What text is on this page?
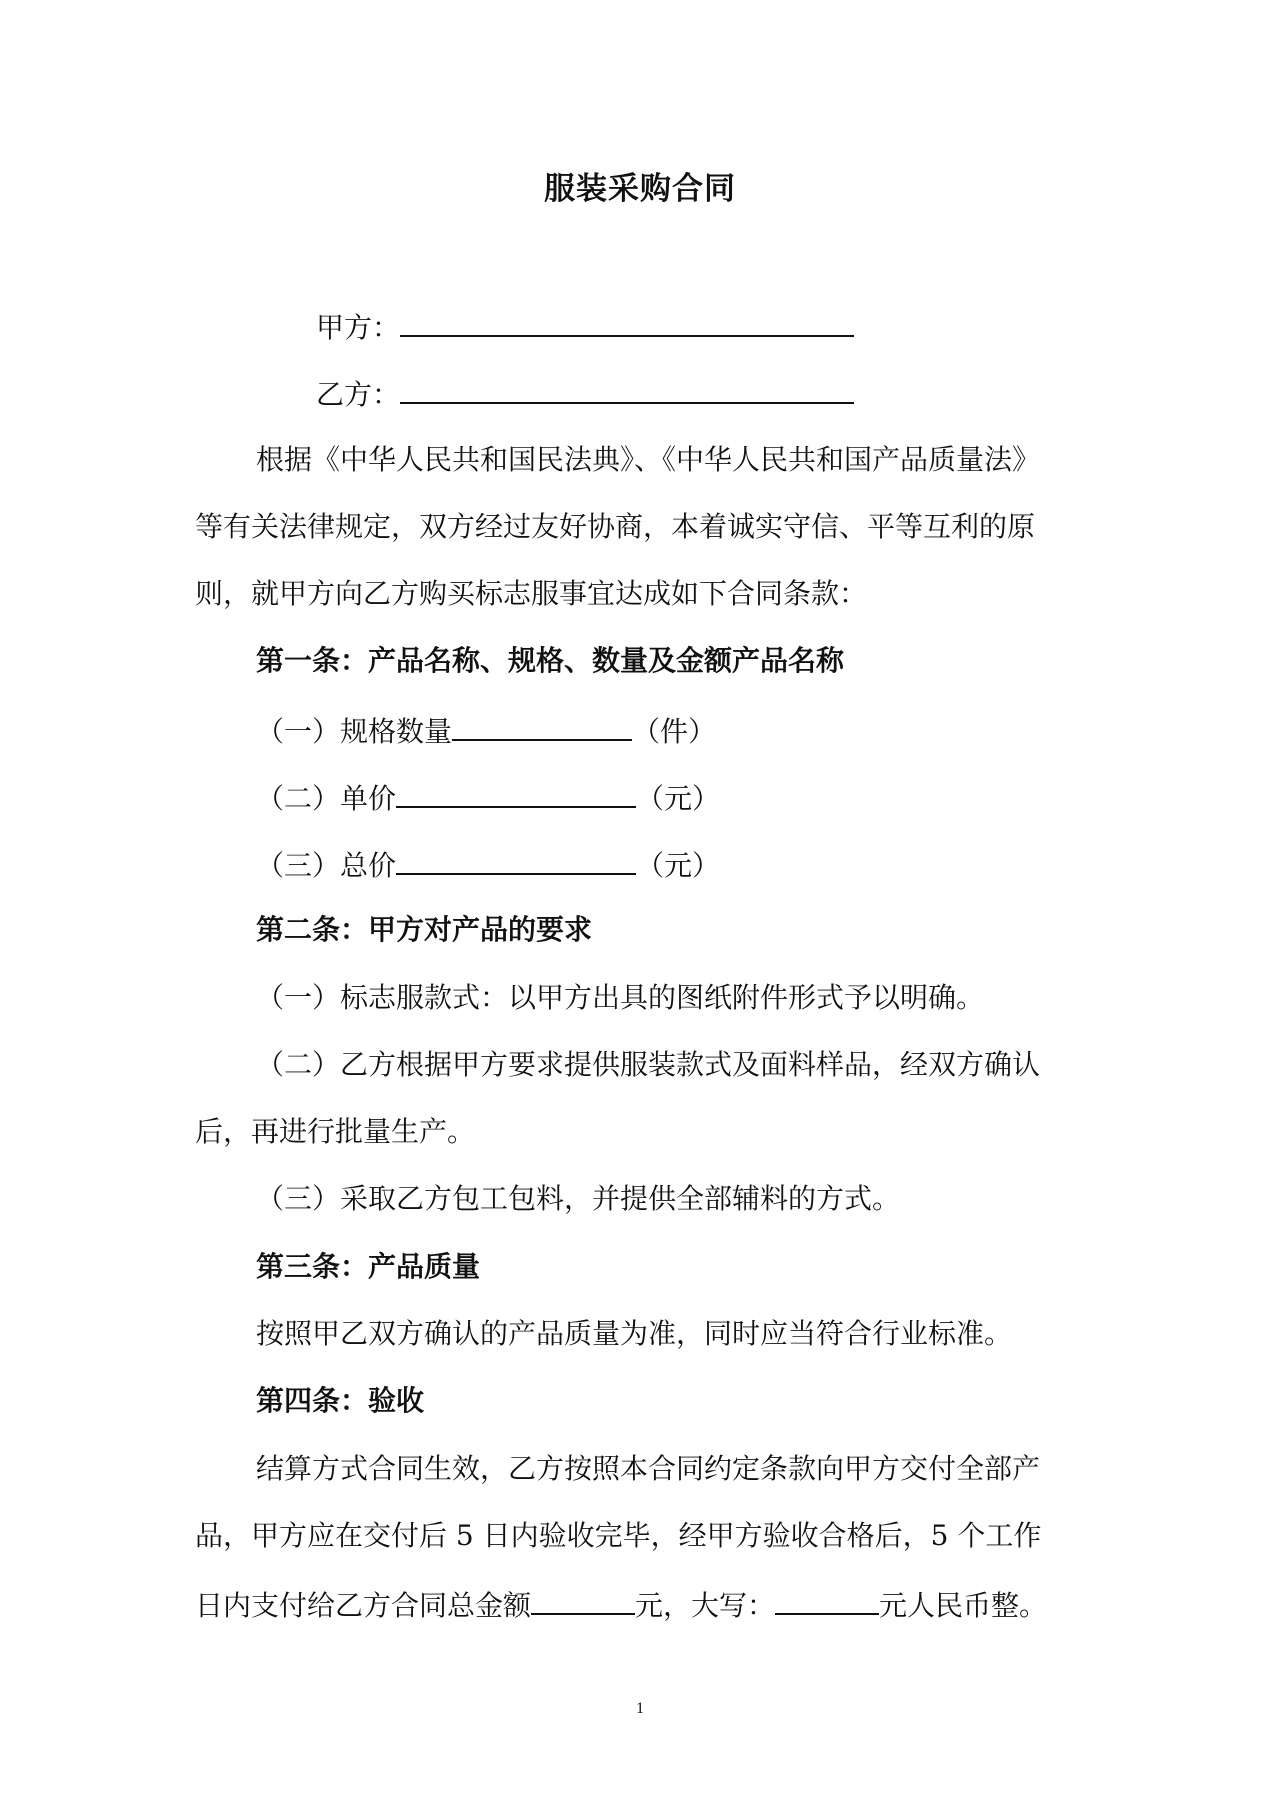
服装采购合同
甲方：
乙方：
根据《中华人民共和国民法典》、《中华人民共和国产品质量法》
等有关法律规定，双方经过友好协商，本着诚实守信、平等互利的原
则，就甲方向乙方购买标志服事宜达成如下合同条款：
第一条：产品名称、规格、数量及金额产品名称
（一）规格数量	（件）
（二）单价	（元）
（三）总价	（元）
第二条：甲方对产品的要求
（一）标志服款式：以甲方出具的图纸附件形式予以明确。
（二）乙方根据甲方要求提供服装款式及面料样品，经双方确认
后，再进行批量生产。
（三）采取乙方包工包料，并提供全部辅料的方式。
第三条：产品质量
按照甲乙双方确认的产品质量为准，同时应当符合行业标准。
第四条：验收
结算方式合同生效，乙方按照本合同约定条款向甲方交付全部产
品，甲方应在交付后 5 日内验收完毕，经甲方验收合格后，5 个工作
日内支付给乙方合同总金额	元，大写：	元人民币整。
1
